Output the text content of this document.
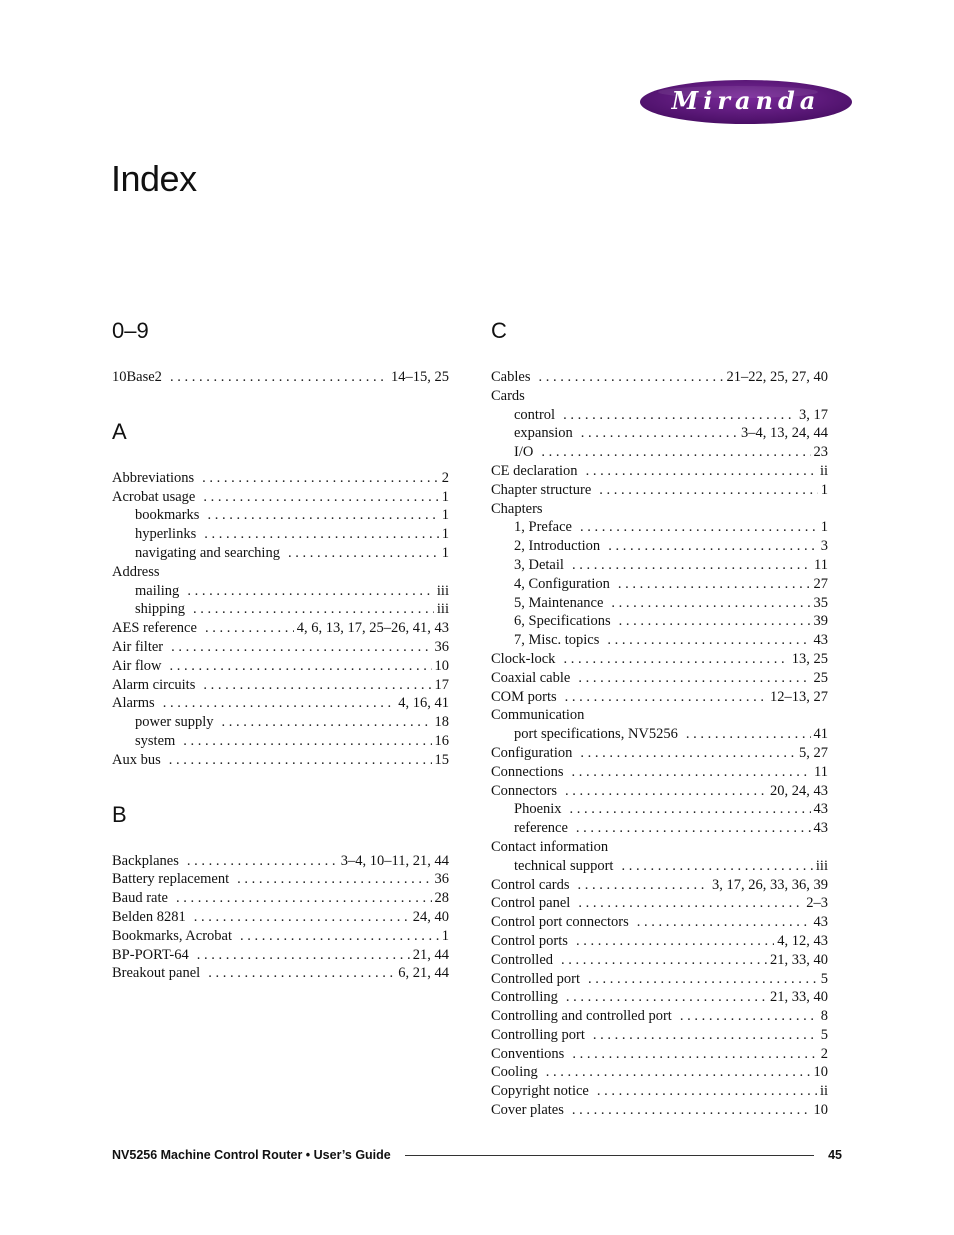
Miranda
Index
0–9
10Base2 . . .	14–15, 25
A
Abbreviations . . .	2
Acrobat usage . . .	1
bookmarks . . .	1
hyperlinks . . .	1
navigating and searching . . .	1
Address
mailing . . .	iii
shipping . . .	iii
AES reference . . .	4, 6, 13, 17, 25–26, 41, 43
Air filter . . .	36
Air flow . . .	10
Alarm circuits . . .	17
Alarms . . .	4, 16, 41
power supply . . .	18
system . . .	16
Aux bus . . .	15
B
Backplanes . . .	3–4, 10–11, 21, 44
Battery replacement . . .	36
Baud rate . . .	28
Belden 8281 . . .	24, 40
Bookmarks, Acrobat . . .	1
BP-PORT-64 . . .	21, 44
Breakout panel . . .	6, 21, 44
C
Cables . . .	21–22, 25, 27, 40
Cards
control . . .	3, 17
expansion . . .	3–4, 13, 24, 44
I/O . . .	23
CE declaration . . .	ii
Chapter structure . . .	1
Chapters
1, Preface . . .	1
2, Introduction . . .	3
3, Detail . . .	11
4, Configuration . . .	27
5, Maintenance . . .	35
6, Specifications . . .	39
7, Misc. topics . . .	43
Clock-lock . . .	13, 25
Coaxial cable . . .	25
COM ports . . .	12–13, 27
Communication
port specifications, NV5256 . . .	41
Configuration . . .	5, 27
Connections . . .	11
Connectors . . .	20, 24, 43
Phoenix . . .	43
reference . . .	43
Contact information
technical support . . .	iii
Control cards . . .	3, 17, 26, 33, 36, 39
Control panel . . .	2–3
Control port connectors . . .	43
Control ports . . .	4, 12, 43
Controlled . . .	21, 33, 40
Controlled port . . .	5
Controlling . . .	21, 33, 40
Controlling and controlled port . . .	8
Controlling port . . .	5
Conventions . . .	2
Cooling . . .	10
Copyright notice . . .	ii
Cover plates . . .	10
NV5256 Machine Control Router • User’s Guide	45
